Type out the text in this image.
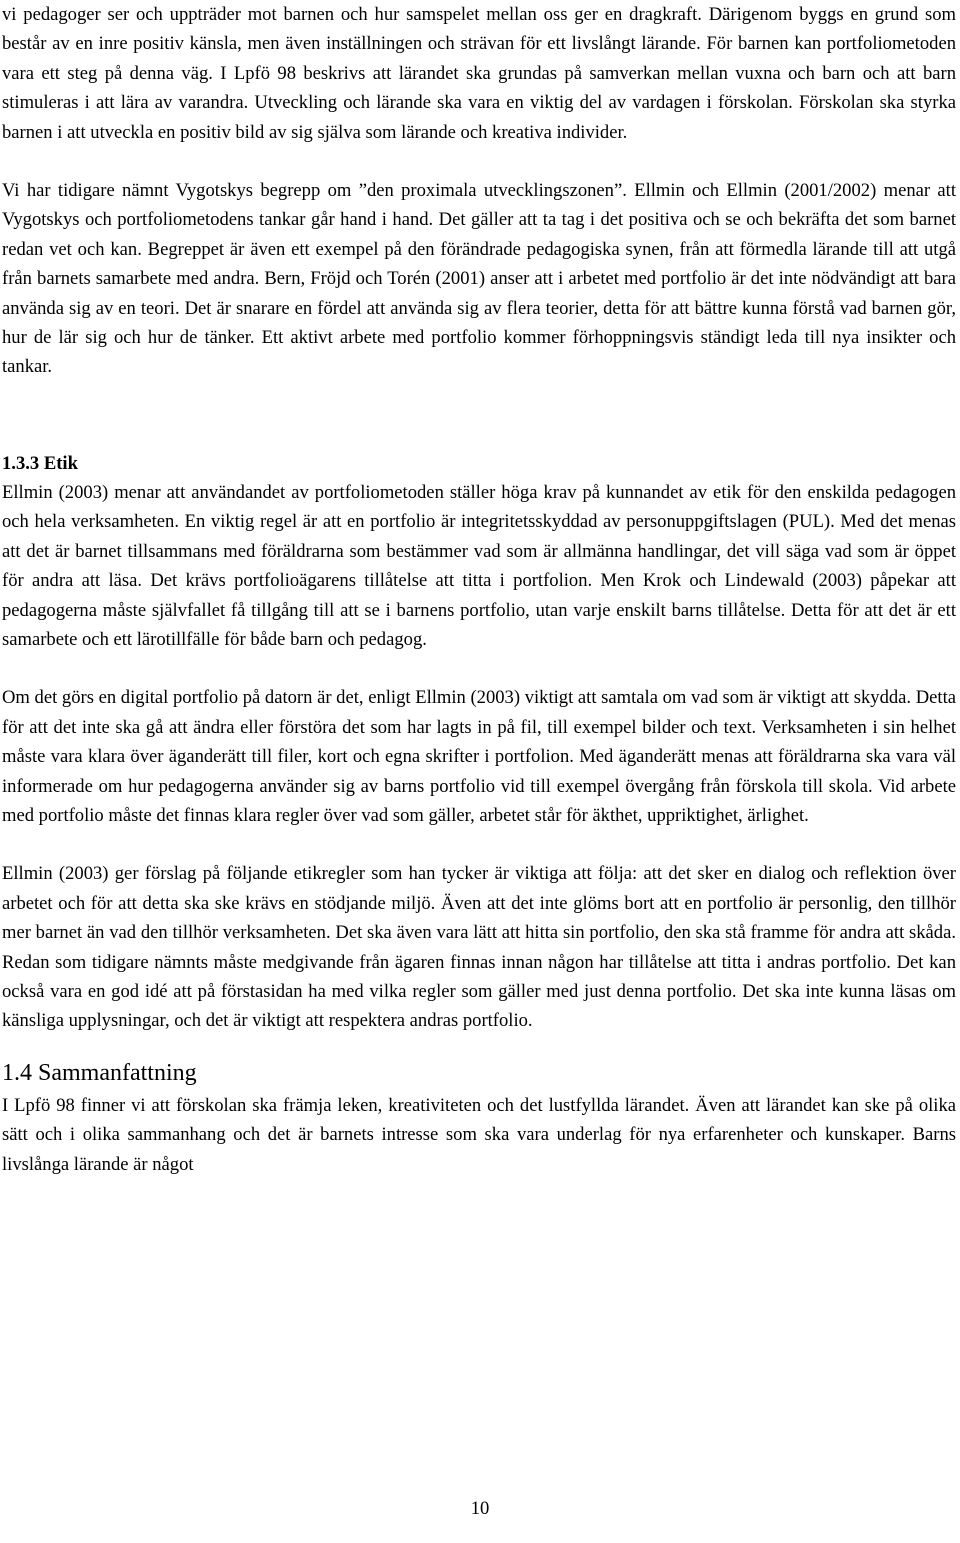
vi pedagoger ser och uppträder mot barnen och hur samspelet mellan oss ger en dragkraft. Därigenom byggs en grund som består av en inre positiv känsla, men även inställningen och strävan för ett livslångt lärande. För barnen kan portfoliometoden vara ett steg på denna väg. I Lpfö 98 beskrivs att lärandet ska grundas på samverkan mellan vuxna och barn och att barn stimuleras i att lära av varandra. Utveckling och lärande ska vara en viktig del av vardagen i förskolan. Förskolan ska styrka barnen i att utveckla en positiv bild av sig själva som lärande och kreativa individer.

Vi har tidigare nämnt Vygotskys begrepp om ”den proximala utvecklingszonen”. Ellmin och Ellmin (2001/2002) menar att Vygotskys och portfoliometodens tankar går hand i hand. Det gäller att ta tag i det positiva och se och bekräfta det som barnet redan vet och kan. Begreppet är även ett exempel på den förändrade pedagogiska synen, från att förmedla lärande till att utgå från barnets samarbete med andra. Bern, Fröjd och Torén (2001) anser att i arbetet med portfolio är det inte nödvändigt att bara använda sig av en teori. Det är snarare en fördel att använda sig av flera teorier, detta för att bättre kunna förstå vad barnen gör, hur de lär sig och hur de tänker. Ett aktivt arbete med portfolio kommer förhoppningsvis ständigt leda till nya insikter och tankar.

1.3.3 Etik

Ellmin (2003) menar att användandet av portfoliometoden ställer höga krav på kunnandet av etik för den enskilda pedagogen och hela verksamheten. En viktig regel är att en portfolio är integritetsskyddad av personuppgiftslagen (PUL). Med det menas att det är barnet tillsammans med föräldrarna som bestämmer vad som är allmänna handlingar, det vill säga vad som är öppet för andra att läsa. Det krävs portfolioägarens tillåtelse att titta i portfolion. Men Krok och Lindewald (2003) påpekar att pedagogerna måste självfallet få tillgång till att se i barnens portfolio, utan varje enskilt barns tillåtelse. Detta för att det är ett samarbete och ett lärotillfälle för både barn och pedagog.

Om det görs en digital portfolio på datorn är det, enligt Ellmin (2003) viktigt att samtala om vad som är viktigt att skydda. Detta för att det inte ska gå att ändra eller förstöra det som har lagts in på fil, till exempel bilder och text. Verksamheten i sin helhet måste vara klara över äganderätt till filer, kort och egna skrifter i portfolion. Med äganderätt menas att föräldrarna ska vara väl informerade om hur pedagogerna använder sig av barns portfolio vid till exempel övergång från förskola till skola. Vid arbete med portfolio måste det finnas klara regler över vad som gäller, arbetet står för äkthet, uppriktighet, ärlighet.

Ellmin (2003) ger förslag på följande etikregler som han tycker är viktiga att följa: att det sker en dialog och reflektion över arbetet och för att detta ska ske krävs en stödjande miljö. Även att det inte glöms bort att en portfolio är personlig, den tillhör mer barnet än vad den tillhör verksamheten. Det ska även vara lätt att hitta sin portfolio, den ska stå framme för andra att skåda. Redan som tidigare nämnts måste medgivande från ägaren finnas innan någon har tillåtelse att titta i andras portfolio. Det kan också vara en god idé att på förstasidan ha med vilka regler som gäller med just denna portfolio. Det ska inte kunna läsas om känsliga upplysningar, och det är viktigt att respektera andras portfolio.

1.4 Sammanfattning

I Lpfö 98 finner vi att förskolan ska främja leken, kreativiteten och det lustfyllda lärandet. Även att lärandet kan ske på olika sätt och i olika sammanhang och det är barnets intresse som ska vara underlag för nya erfarenheter och kunskaper. Barns livslånga lärande är något

10
